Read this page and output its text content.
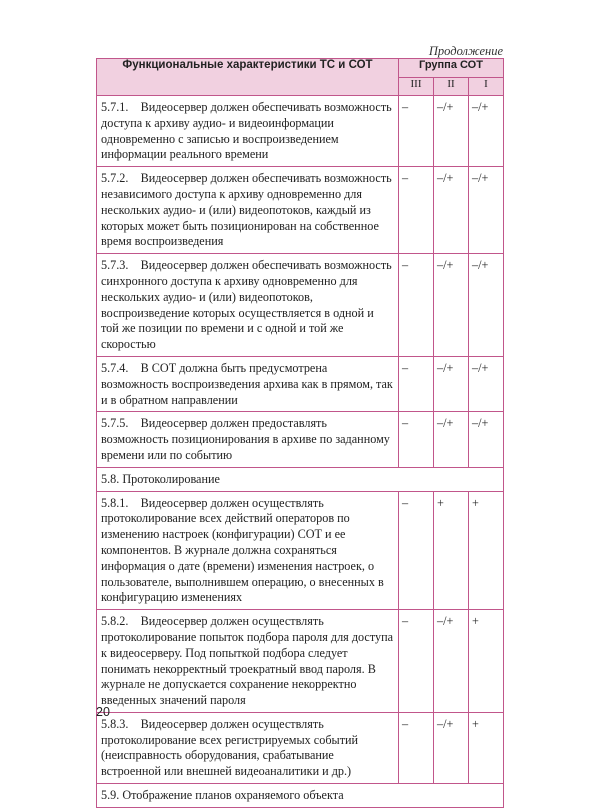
Продолжение
Функциональные характеристики ТС и СОТ	Группа СОТ		
	III	II	I
5.7.1. Видеосервер должен обеспечивать возможность доступа к архиву аудио- и видеоинформации одновременно с записью и воспроизведением информации реального времени	–	–/+	–/+
5.7.2. Видеосервер должен обеспечивать возможность независимого доступа к архиву одновременно для нескольких аудио- и (или) видеопотоков, каждый из которых может быть позиционирован на собственное время воспроизведения	–	–/+	–/+
5.7.3. Видеосервер должен обеспечивать возможность синхронного доступа к архиву одновременно для нескольких аудио- и (или) видеопотоков, воспроизведение которых осуществляется в одной и той же позиции по времени и с одной и той же скоростью	–	–/+	–/+
5.7.4. В СОТ должна быть предусмотрена возможность воспроизведения архива как в прямом, так и в обратном направлении	–	–/+	–/+
5.7.5. Видеосервер должен предоставлять возможность позиционирования в архиве по заданному времени или по событию	–	–/+	–/+
5.8. Протоколирование			
5.8.1. Видеосервер должен осуществлять протоколирование всех действий операторов по изменению настроек (конфигурации) СОТ и ее компонентов. В журнале должна сохраняться информация о дате (времени) изменения настроек, о пользователе, выполнившем операцию, о внесенных в конфигурацию изменениях	–	+	+
5.8.2. Видеосервер должен осуществлять протоколирование попыток подбора пароля для доступа к видеосерверу. Под попыткой подбора следует понимать некорректный троекратный ввод пароля. В журнале не допускается сохранение некорректно введенных значений пароля	–	–/+	+
5.8.3. Видеосервер должен осуществлять протоколирование всех регистрируемых событий (неисправность оборудования, срабатывание встроенной или внешней видеоаналитики и др.)	–	–/+	+
5.9. Отображение планов охраняемого объекта			
20
